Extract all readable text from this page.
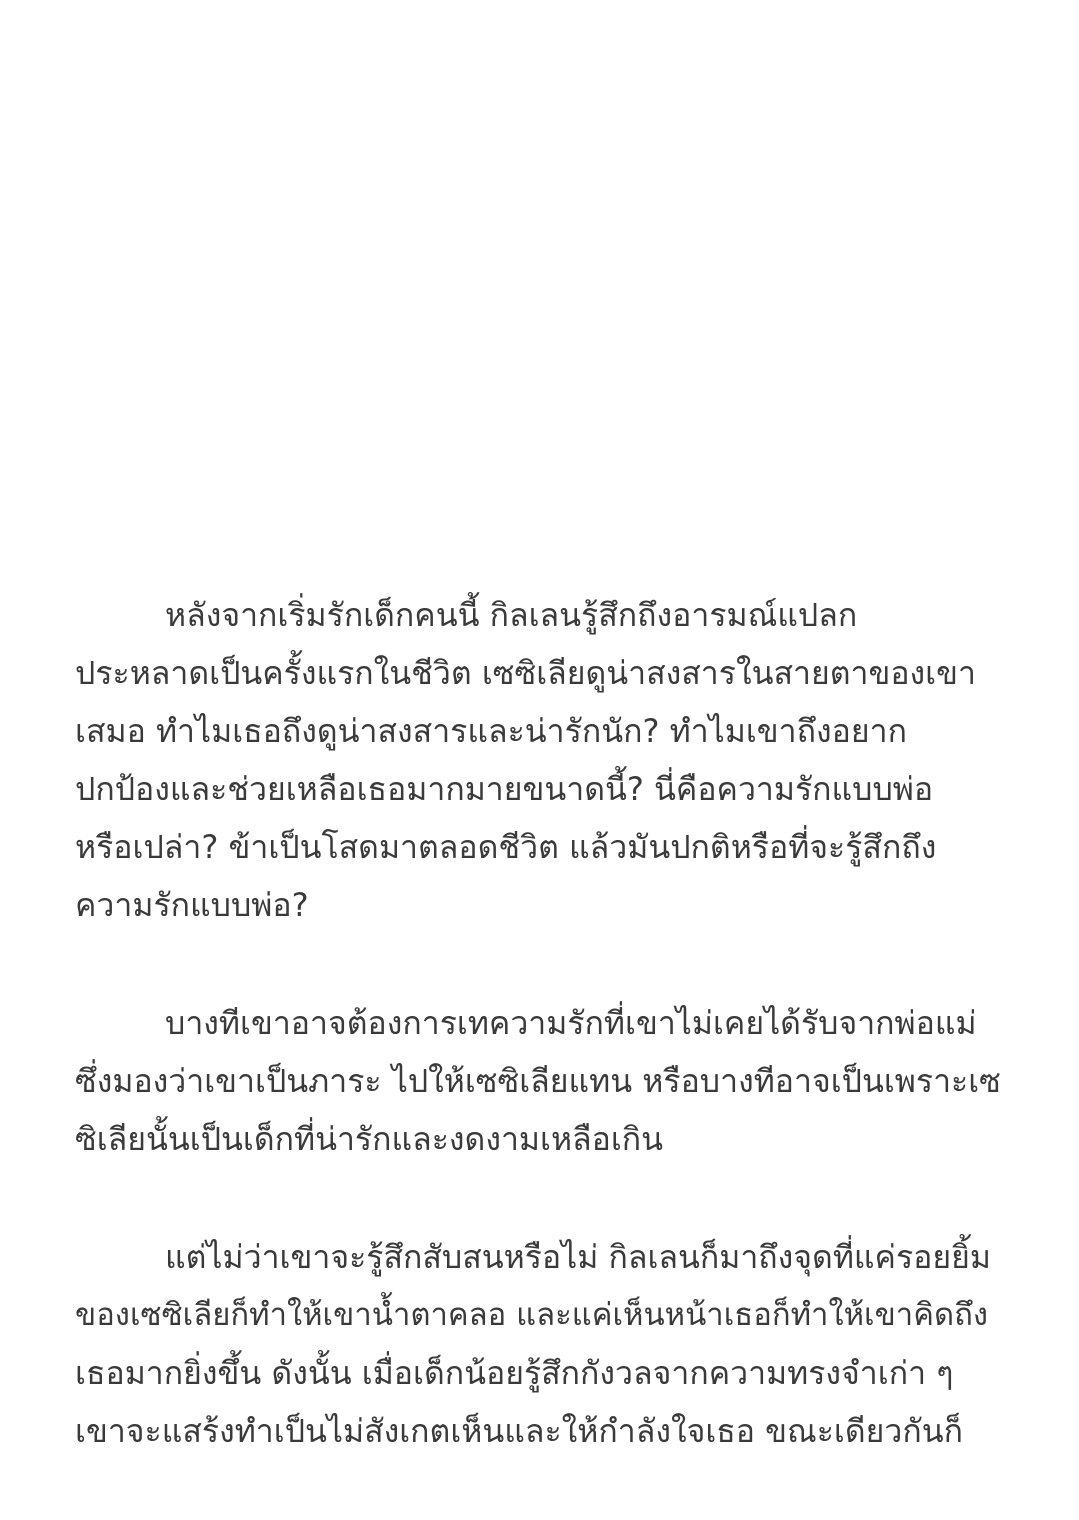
หลังจากเริ่มรักเด็กคนนี้ กิลเลนรู้สึกถึงอารมณ์แปลก
ประหลาดเป็นครั้งแรกในชีวิต เซซิเลียดูน่าสงสารในสายตาของเขา
เสมอ ทำไมเธอถึงดูน่าสงสารและน่ารักนัก? ทำไมเขาถึงอยาก
ปกป้องและช่วยเหลือเธอมากมายขนาดนี้? นี่คือความรักแบบพ่อ
หรือเปล่า? ข้าเป็นโสดมาตลอดชีวิต แล้วมันปกติหรือที่จะรู้สึกถึง
ความรักแบบพ่อ?
บางทีเขาอาจต้องการเทความรักที่เขาไม่เคยได้รับจากพ่อแม่
ซึ่งมองว่าเขาเป็นภาระ ไปให้เซซิเลียแทน หรือบางทีอาจเป็นเพราะเซ
ซิเลียนั้นเป็นเด็กที่น่ารักและงดงามเหลือเกิน
แต่ไม่ว่าเขาจะรู้สึกสับสนหรือไม่ กิลเลนก็มาถึงจุดที่แค่รอยยิ้ม
ของเซซิเลียก็ทำให้เขาน้ำตาคลอ และแค่เห็นหน้าเธอก็ทำให้เขาคิดถึง
เธอมากยิ่งขึ้น ดังนั้น เมื่อเด็กน้อยรู้สึกกังวลจากความทรงจำเก่า ๆ
เขาจะแสร้งทำเป็นไม่สังเกตเห็นและให้กำลังใจเธอ ขณะเดียวกันก็
